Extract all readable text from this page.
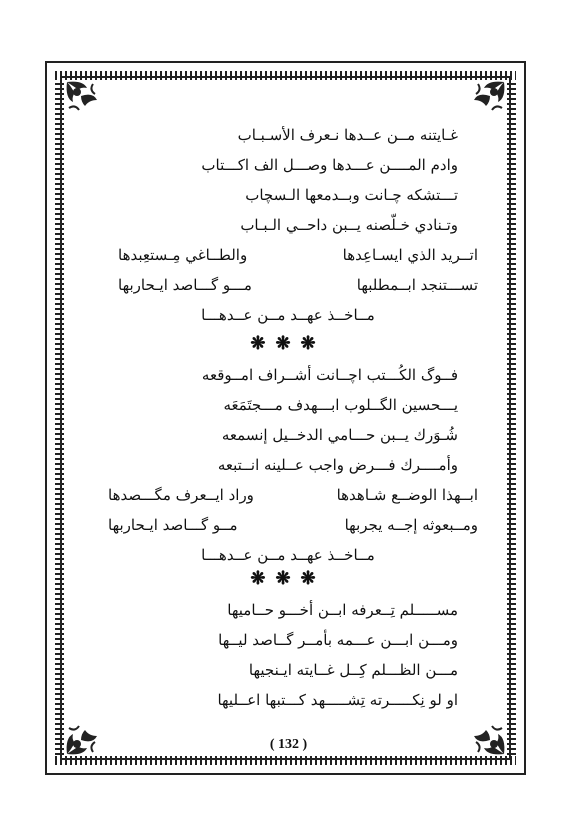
غـايتنه مــن عــدها نـعرف الأسـبـاب
وادم المــــن عـــدها وصـــل الف اكـــتاب
تـــتشكه چـانت وبــدمعها الـسچاب
وتـنادي خـلّصنه يــبن داحــي الـبـاب
اتــريد الذي ايسـاعِدها
والطــاغي مِـستعِبدها
تســـتنجد ابــمطلبها
مـــو گـــاصد ايـحاربها
مــاخــذ عهــد مــن عــدهـــا
❋❋❋
فــوگ الكُـــتب اچــانت أشــراف امــوقعه
يـــحسين الگــلوب ابـــهدف مـــجتَمَعَه
شُـوَرك يــبن حـــامي الدخــيل إنسمعه
وأمــــرك فـــرض واجب عــلينه انــتبعه
ابــهذا الوضــع شـاهدها
وراد ايــعرف مگـــصدها
ومــبعوثه إجــه يجربها
مــو گـــاصد ايـحاربها
مــاخــذ عهــد مــن عــدهـــا
❋❋❋
مســـــلم تِــعرفه ابــن أخـــو حــاميها
ومـــن ابـــن عـــمه بأمــر گــاصد ليــها
مـــن الظـــلم كِــل غــايته ايـنجيها
او لو نِكـــــرته تِشـــــهد كـــتبها اعــليها
( 132 )
